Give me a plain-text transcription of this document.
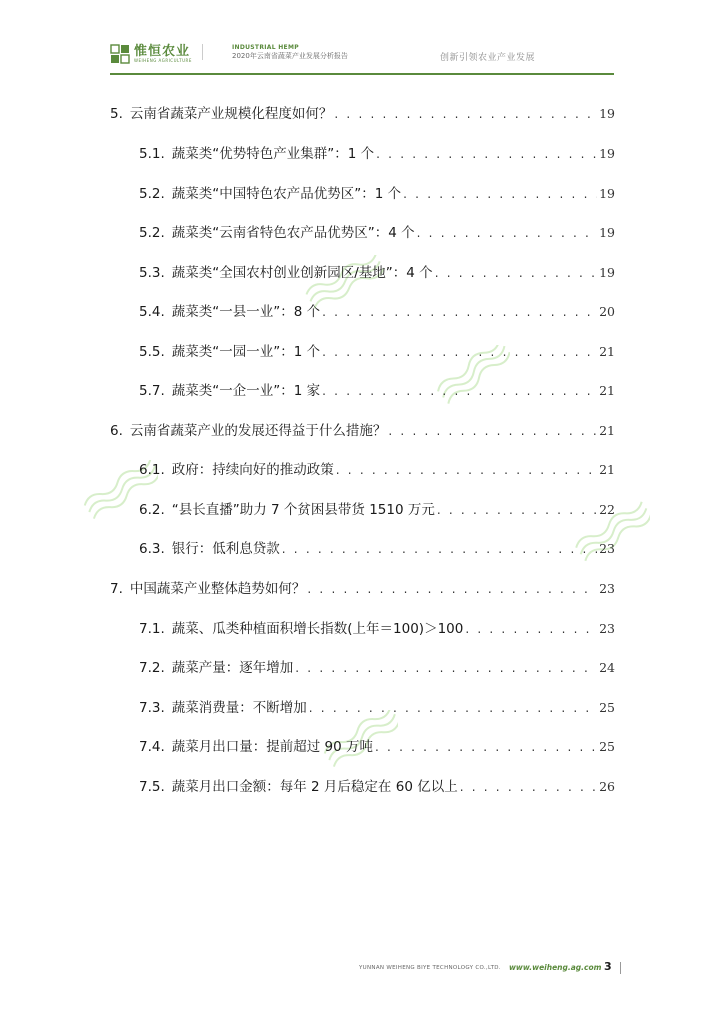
惟恒农业
WEIHENG AGRICULTURE
INDUSTRIAL HEMP
2020年云南省蔬菜产业发展分析报告	创新引领农业产业发展
5. 云南省蔬菜产业规模化程度如何？ . . .	19
5.1. 蔬菜类“优势特色产业集群”：1 个 . . .	19
5.2. 蔬菜类“中国特色农产品优势区”：1 个 . . .	19
5.2. 蔬菜类“云南省特色农产品优势区”：4 个 . . .	19
5.3. 蔬菜类“全国农村创业创新园区/基地”：4 个 . . .	19
5.4. 蔬菜类“一县一业”：8 个 . . .	20
5.5. 蔬菜类“一园一业”：1 个 . . .	21
5.7. 蔬菜类“一企一业”：1 家 . . .	21
6. 云南省蔬菜产业的发展还得益于什么措施？ . . .	21
6.1. 政府：持续向好的推动政策 . . .	21
6.2. “县长直播”助力 7 个贫困县带货 1510 万元 . . .	22
6.3. 银行：低利息贷款 . . .	23
7. 中国蔬菜产业整体趋势如何？ . . .	23
7.1. 蔬菜、瓜类种植面积增长指数(上年＝100)＞100 . . .	23
7.2. 蔬菜产量：逐年增加 . . .	24
7.3. 蔬菜消费量：不断增加 . . .	25
7.4. 蔬菜月出口量：提前超过 90 万吨 . . .	25
7.5. 蔬菜月出口金额：每年 2 月后稳定在 60 亿以上 . . .	26
YUNNAN WEIHENG BIYE TECHNOLOGY CO.,LTD. www.weiheng.ag.com 3
